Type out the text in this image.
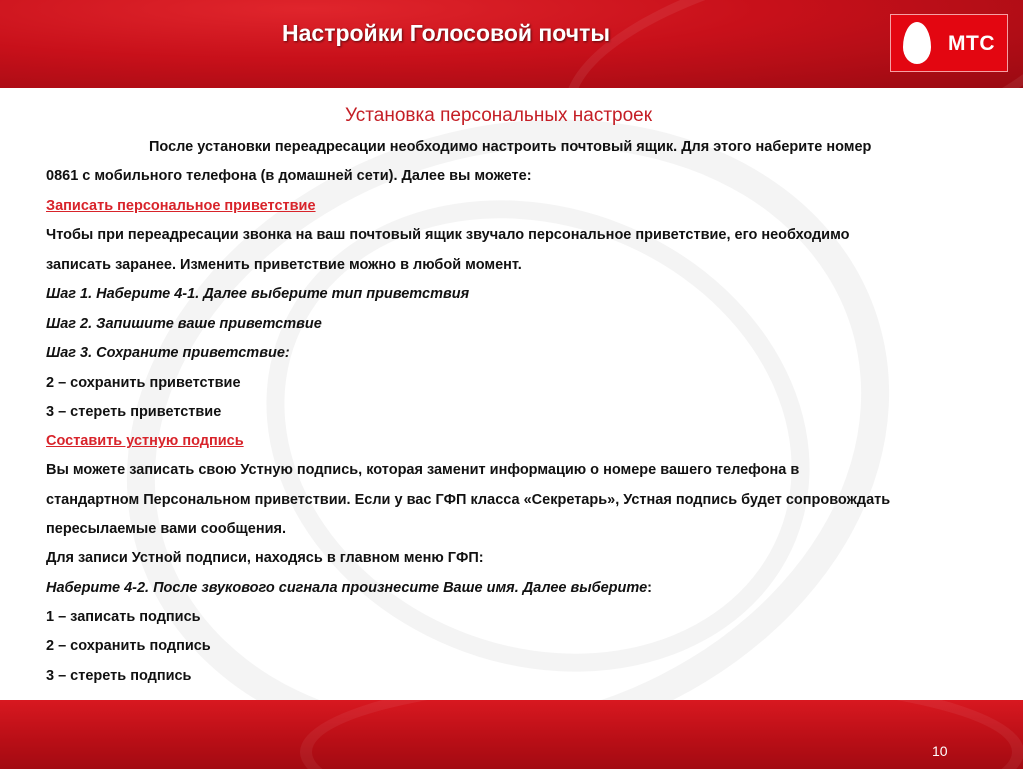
Настройки Голосовой почты	МТС
Установка персональных настроек
После установки переадресации необходимо настроить почтовый ящик. Для этого наберите номер
0861 с мобильного телефона (в домашней сети). Далее вы можете:
Записать персональное приветствие
Чтобы при переадресации звонка на ваш почтовый ящик звучало персональное приветствие, его необходимо
записать заранее. Изменить приветствие можно в любой момент.
Шаг 1. Наберите 4-1. Далее выберите тип приветствия
Шаг 2. Запишите ваше приветствие
Шаг 3. Сохраните приветствие:
2 – сохранить приветствие
3 – стереть приветствие
Составить устную подпись
Вы можете записать свою Устную подпись, которая заменит информацию о номере вашего телефона в
стандартном Персональном приветствии. Если у вас ГФП класса «Секретарь», Устная подпись будет сопровождать
пересылаемые вами сообщения.
Для записи Устной подписи, находясь в главном меню ГФП:
Наберите 4-2. После звукового сигнала произнесите Ваше имя. Далее выберите:
1 – записать подпись
2 – сохранить подпись
3 – стереть подпись
10
